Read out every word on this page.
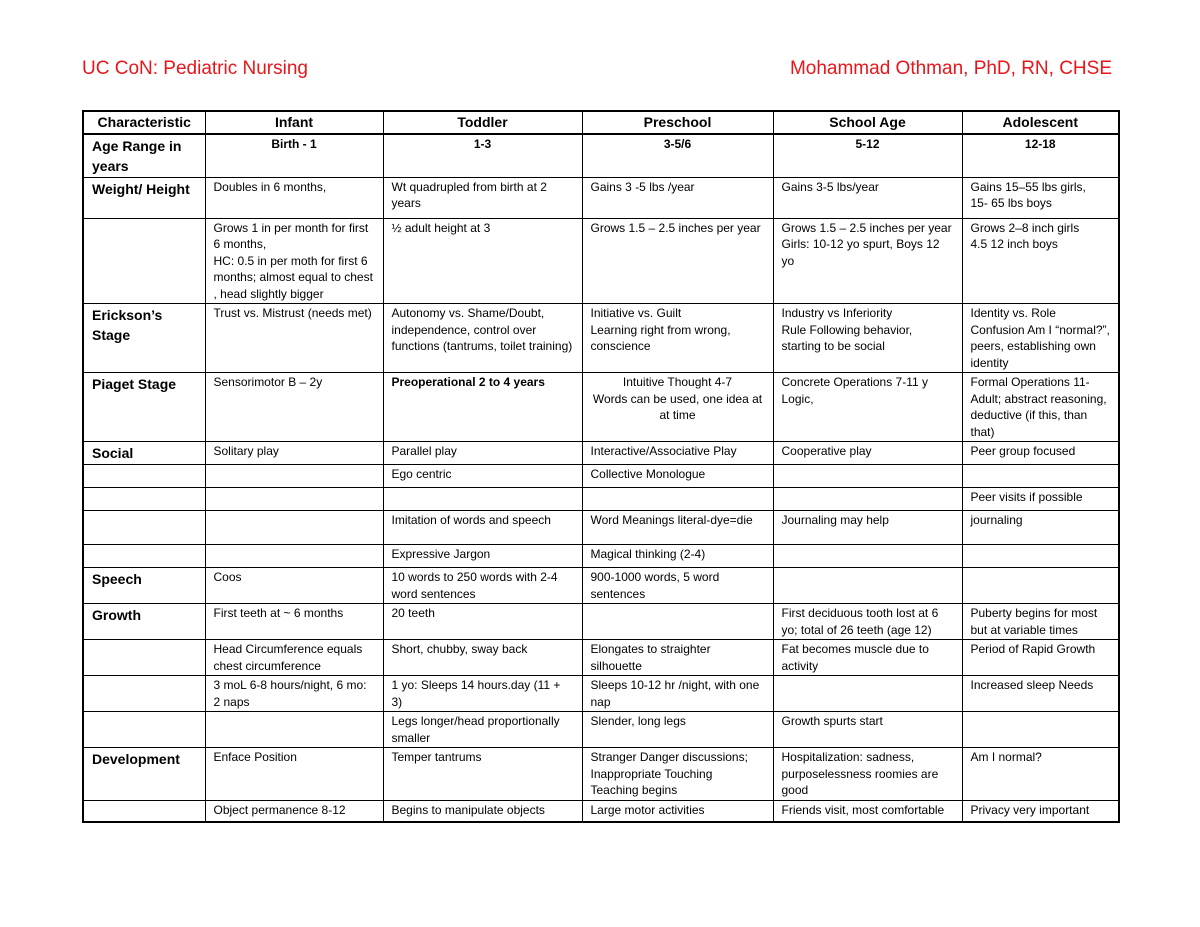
UC CoN: Pediatric Nursing	Mohammad Othman, PhD, RN, CHSE
Characteristic	Infant	Toddler	Preschool	School Age	Adolescent
Age Range in years	Birth - 1	1-3	3-5/6	5-12	12-18
Weight/ Height	Doubles in 6 months,	Wt quadrupled from birth at 2 years	Gains 3 -5 lbs /year	Gains 3-5 lbs/year	Gains 15–55 lbs girls,
15- 65 lbs boys
	Grows 1 in per month for first 6 months,
HC: 0.5 in per moth for first 6 months; almost equal to chest , head slightly bigger	½ adult height at 3	Grows 1.5 – 2.5 inches per year	Grows 1.5 – 2.5 inches per year
Girls: 10-12 yo spurt, Boys 12 yo	Grows 2–8 inch girls
4.5 12 inch boys
Erickson’s Stage	Trust vs. Mistrust (needs met)	Autonomy vs. Shame/Doubt, independence, control over functions (tantrums, toilet training)	Initiative vs. Guilt
Learning right from wrong, conscience	Industry vs Inferiority
Rule Following behavior, starting to be social	Identity vs. Role Confusion Am I “normal?”, peers, establishing own identity
Piaget Stage	Sensorimotor B – 2y	Preoperational 2 to 4 years	Intuitive Thought 4-7
Words can be used, one idea at at time	Concrete Operations 7-11 y
Logic,	Formal Operations 11-Adult; abstract reasoning, deductive (if this, than that)
Social	Solitary play	Parallel play	Interactive/Associative Play	Cooperative play	Peer group focused
		Ego centric	Collective Monologue		
					Peer visits if possible
		Imitation of words and speech	Word Meanings literal-dye=die	Journaling may help	journaling
		Expressive Jargon	Magical thinking (2-4)		
Speech	Coos	10 words to 250 words with 2-4 word sentences	900-1000 words, 5 word sentences		
Growth	First teeth at ~ 6 months	20 teeth		First deciduous tooth lost at 6 yo; total of 26 teeth (age 12)	Puberty begins for most but at variable times
	Head Circumference equals chest circumference	Short, chubby, sway back	Elongates to straighter silhouette	Fat becomes muscle due to activity	Period of Rapid Growth
	3 moL 6-8 hours/night, 6 mo: 2 naps	1 yo: Sleeps 14 hours.day (11 + 3)	Sleeps 10-12 hr /night, with one nap		Increased sleep Needs
		Legs longer/head proportionally smaller	Slender, long legs	Growth spurts start	
Development	Enface Position	Temper tantrums	Stranger Danger discussions; Inappropriate Touching
Teaching begins	Hospitalization: sadness, purposelessness roomies are good	Am I normal?
	Object permanence 8-12	Begins to manipulate objects	Large motor activities	Friends visit, most comfortable	Privacy very important
